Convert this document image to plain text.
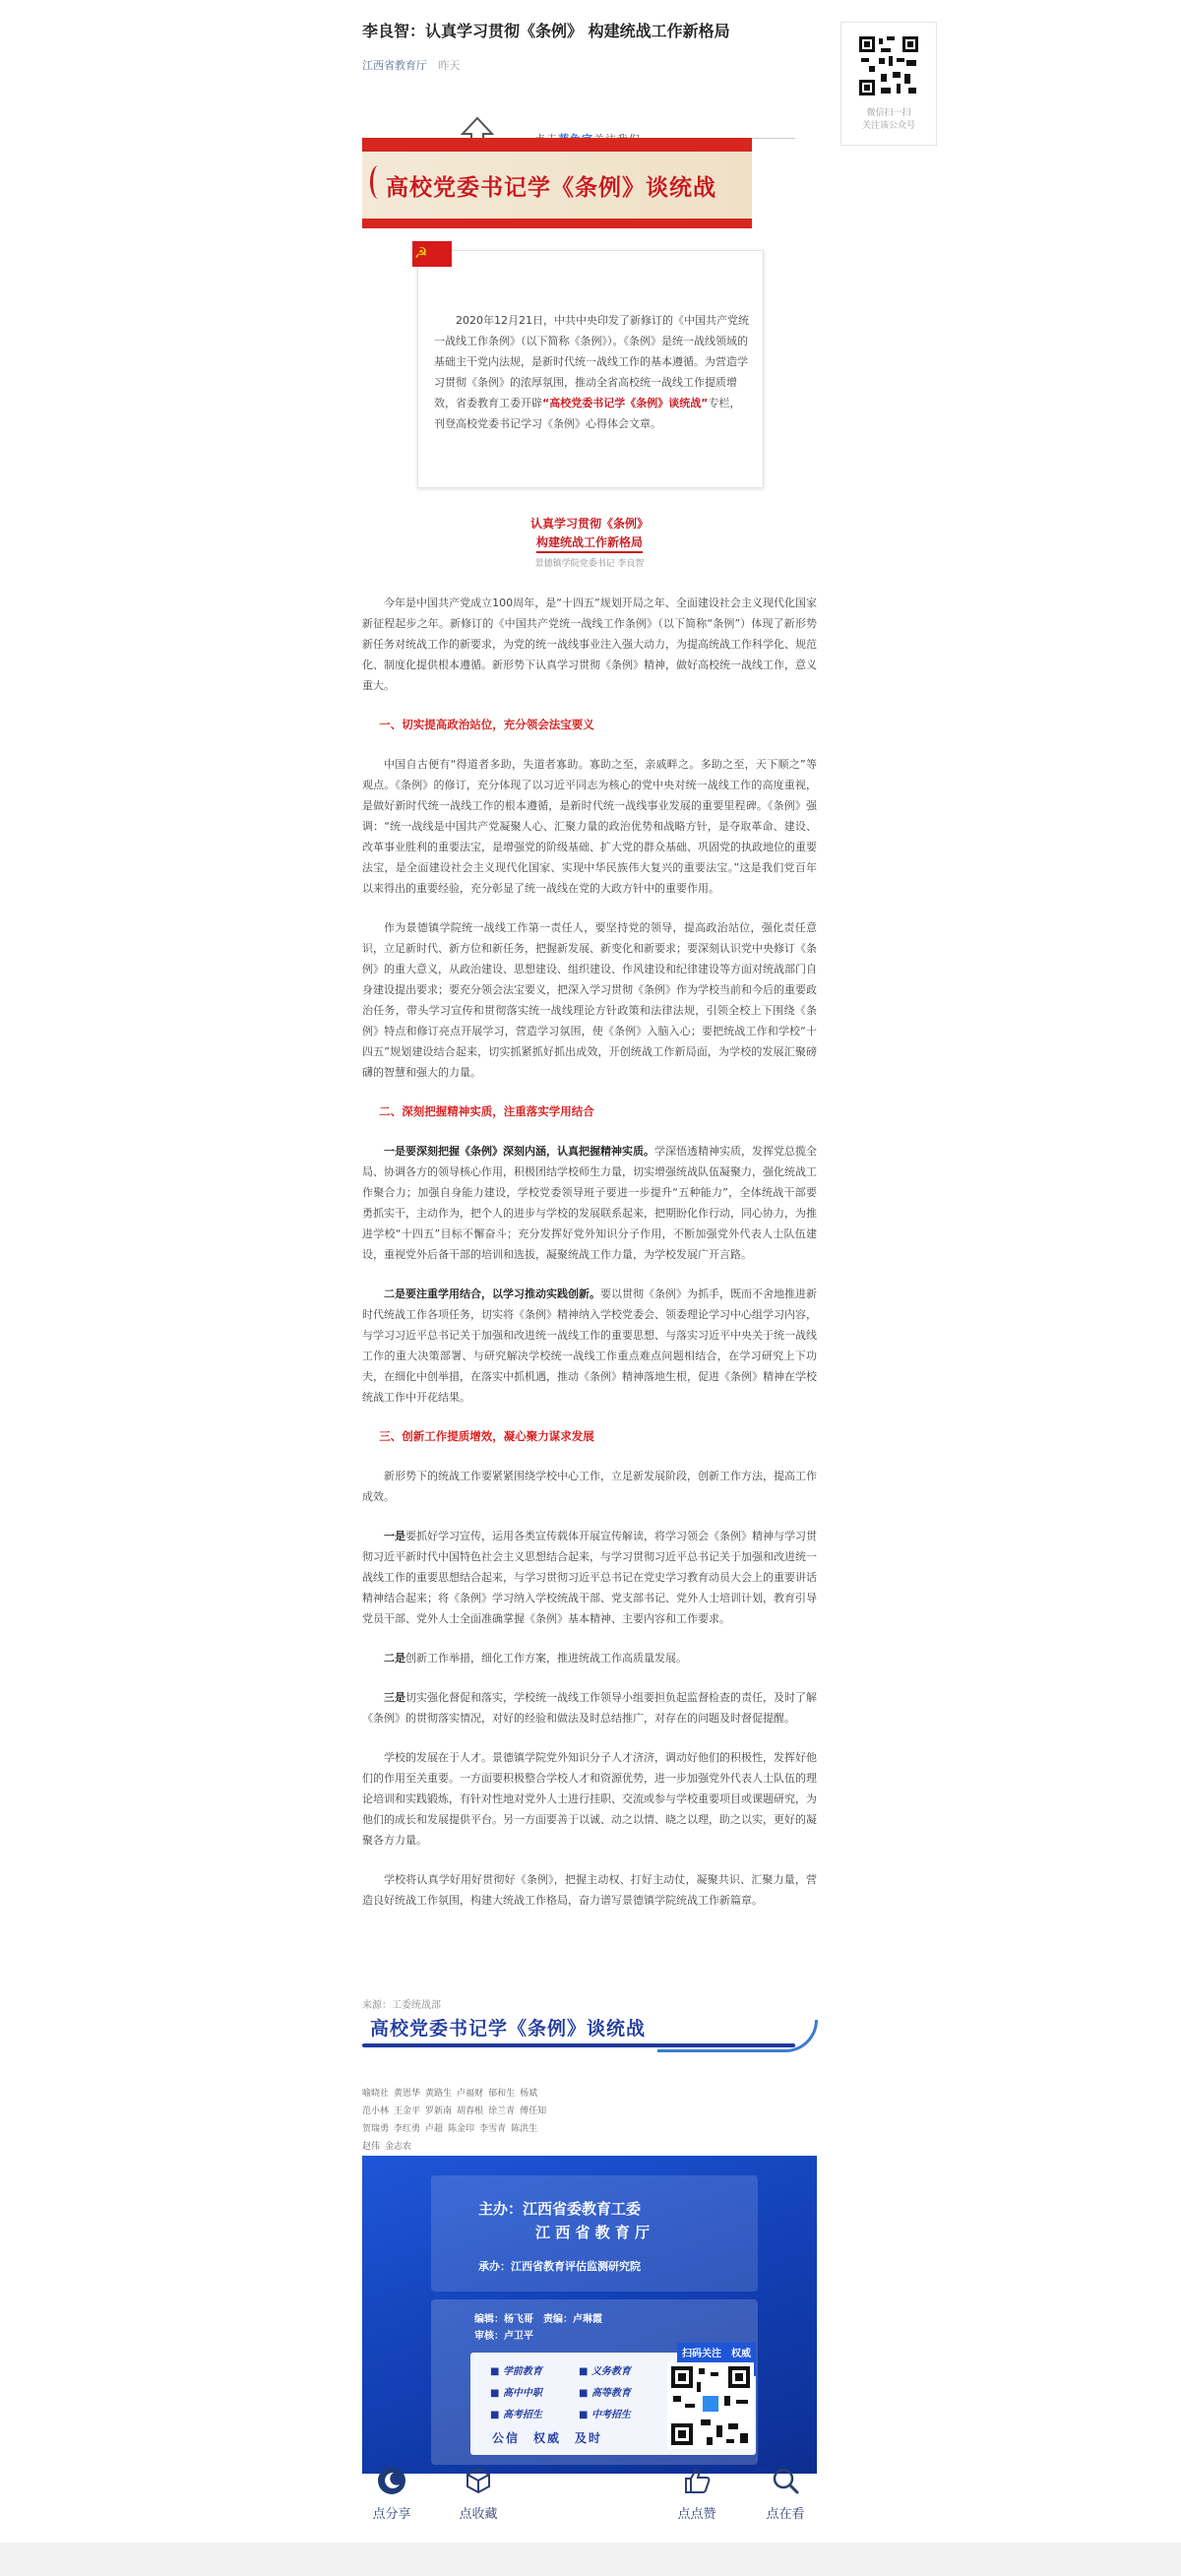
李良智：认真学习贯彻《条例》 构建统战工作新格局
江西省教育厅 昨天
高校党委书记学《条例》谈统战
☭

2020年12月21日，中共中央印发了新修订的《中国共产党统一战线工作条例》（以下简称《条例》）。《条例》是统一战线领域的基础主干党内法规，是新时代统一战线工作的基本遵循。为营造学习贯彻《条例》的浓厚氛围，推动全省高校统一战线工作提质增效，省委教育工委开辟“高校党委书记学《条例》谈统战”专栏，刊登高校党委书记学习《条例》心得体会文章。

认真学习贯彻《条例》
构建统战工作新格局
景德镇学院党委书记 李良智

今年是中国共产党成立100周年，是“十四五”规划开局之年、全面建设社会主义现代化国家新征程起步之年。新修订的《中国共产党统一战线工作条例》（以下简称“条例”）体现了新形势新任务对统战工作的新要求，为党的统一战线事业注入强大动力，为提高统战工作科学化、规范化、制度化提供根本遵循。新形势下认真学习贯彻《条例》精神，做好高校统一战线工作，意义重大。

一、切实提高政治站位，充分领会法宝要义

中国自古便有“得道者多助，失道者寡助。寡助之至，亲戚畔之。多助之至，天下顺之”等观点。《条例》的修订，充分体现了以习近平同志为核心的党中央对统一战线工作的高度重视，是做好新时代统一战线工作的根本遵循，是新时代统一战线事业发展的重要里程碑。《条例》强调：“统一战线是中国共产党凝聚人心、汇聚力量的政治优势和战略方针，是夺取革命、建设、改革事业胜利的重要法宝，是增强党的阶级基础、扩大党的群众基础、巩固党的执政地位的重要法宝，是全面建设社会主义现代化国家、实现中华民族伟大复兴的重要法宝。”这是我们党百年以来得出的重要经验，充分彰显了统一战线在党的大政方针中的重要作用。

作为景德镇学院统一战线工作第一责任人，要坚持党的领导，提高政治站位，强化责任意识，立足新时代、新方位和新任务，把握新发展、新变化和新要求；要深刻认识党中央修订《条例》的重大意义，从政治建设、思想建设、组织建设、作风建设和纪律建设等方面对统战部门自身建设提出要求；要充分领会法宝要义，把深入学习贯彻《条例》作为学校当前和今后的重要政治任务，带头学习宣传和贯彻落实统一战线理论方针政策和法律法规，引领全校上下围绕《条例》特点和修订亮点开展学习，营造学习氛围，使《条例》入脑入心；要把统战工作和学校“十四五”规划建设结合起来，切实抓紧抓好抓出成效，开创统战工作新局面，为学校的发展汇聚磅礴的智慧和强大的力量。

二、深刻把握精神实质，注重落实学用结合

一是要深刻把握《条例》深刻内涵，认真把握精神实质。学深悟透精神实质，发挥党总揽全局、协调各方的领导核心作用，积极团结学校师生力量，切实增强统战队伍凝聚力，强化统战工作聚合力；加强自身能力建设，学校党委领导班子要进一步提升“五种能力”，全体统战干部要勇抓实干，主动作为，把个人的进步与学校的发展联系起来，把期盼化作行动，同心协力，为推进学校“十四五”目标不懈奋斗；充分发挥好党外知识分子作用，不断加强党外代表人士队伍建设，重视党外后备干部的培训和选拔，凝聚统战工作力量，为学校发展广开言路。

二是要注重学用结合，以学习推动实践创新。要以贯彻《条例》为抓手，既而不舍地推进新时代统战工作各项任务，切实将《条例》精神纳入学校党委会、领委理论学习中心组学习内容，与学习习近平总书记关于加强和改进统一战线工作的重要思想、与落实习近平中央关于统一战线工作的重大决策部署、与研究解决学校统一战线工作重点难点问题相结合，在学习研究上下功夫，在细化中创举措，在落实中抓机遇，推动《条例》精神落地生根，促进《条例》精神在学校统战工作中开花结果。

三、创新工作提质增效，凝心聚力谋求发展

新形势下的统战工作要紧紧围绕学校中心工作，立足新发展阶段，创新工作方法，提高工作成效。

一是要抓好学习宣传，运用各类宣传载体开展宣传解读，将学习领会《条例》精神与学习贯彻习近平新时代中国特色社会主义思想结合起来，与学习贯彻习近平总书记关于加强和改进统一战线工作的重要思想结合起来，与学习贯彻习近平总书记在党史学习教育动员大会上的重要讲话精神结合起来；将《条例》学习纳入学校统战干部、党支部书记、党外人士培训计划，教育引导党员干部、党外人士全面准确掌握《条例》基本精神、主要内容和工作要求。

二是创新工作举措，细化工作方案，推进统战工作高质量发展。

三是切实强化督促和落实，学校统一战线工作领导小组要担负起监督检查的责任，及时了解《条例》的贯彻落实情况，对好的经验和做法及时总结推广，对存在的问题及时督促提醒。

学校的发展在于人才。景德镇学院党外知识分子人才济济，调动好他们的积极性，发挥好他们的作用至关重要。一方面要积极整合学校人才和资源优势，进一步加强党外代表人士队伍的理论培训和实践锻炼，有针对性地对党外人士进行挂职、交流或参与学校重要项目或课题研究，为他们的成长和发展提供平台。另一方面要善于以诚、动之以情、晓之以理，助之以实，更好的凝聚各方力量。

学校将认真学好用好贯彻好《条例》，把握主动权、打好主动仗，凝聚共识、汇聚力量，营造良好统战工作氛围，构建大统战工作格局，奋力谱写景德镇学院统战工作新篇章。

来源：工委统战部
高校党委书记学《条例》谈统战
喻晓社 黄恩华 黄路生 卢福财 郁和生 杨斌
范小林 王金平 罗新南 胡春根 徐兰青 傅任知
贺瑞勇 李红勇 卢超 陈金印 李雪青 陈洪生
赵伟 金志农
主办：江西省委教育工委
江 西 省 教 育 厅
承办：江西省教育评估监测研究院
编辑：杨飞哥　责编：卢琳霞
审核：卢卫平
扫码关注　权威
■ 学前教育	■ 义务教育
■ 高中中职	■ 高等教育
■ 高考招生	■ 中考招生
公信　权威　及时
微信扫一扫
关注该公众号
点分享	点收藏	点点赞	点在看
